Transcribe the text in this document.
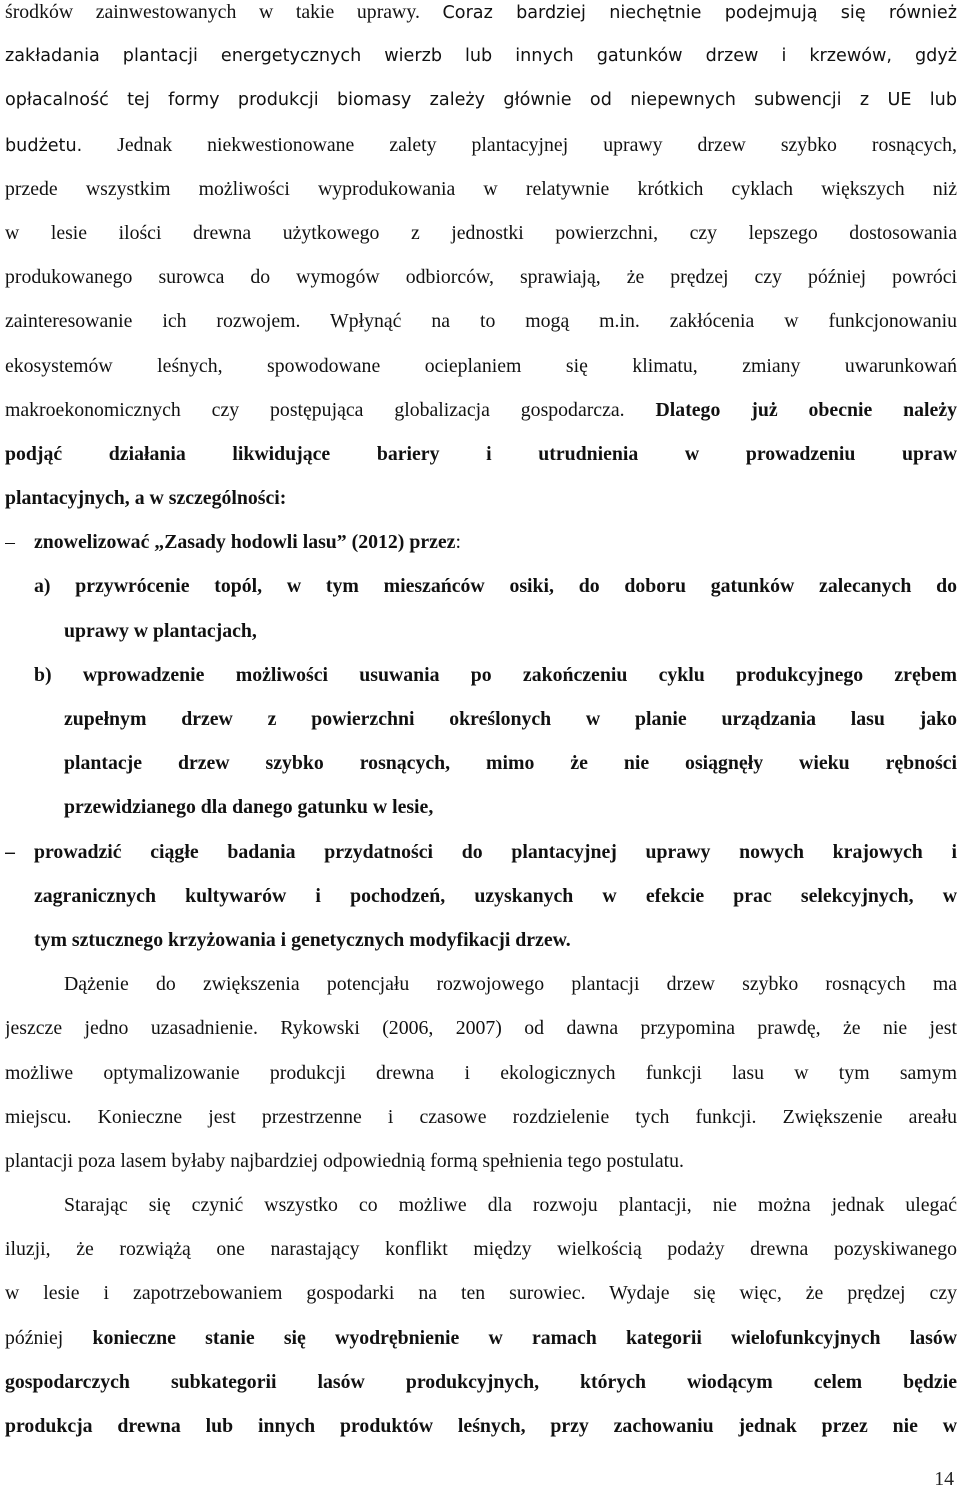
środków zainwestowanych w takie uprawy. Coraz bardziej niechętnie podejmują się również
zakładania plantacji energetycznych wierzb lub innych gatunków drzew i krzewów, gdyż
opłacalność tej formy produkcji biomasy zależy głównie od niepewnych subwencji z UE lub
budżetu. Jednak niekwestionowane zalety plantacyjnej uprawy drzew szybko rosnących,
przede wszystkim możliwości wyprodukowania w relatywnie krótkich cyklach większych niż
w lesie ilości drewna użytkowego z jednostki powierzchni, czy lepszego dostosowania
produkowanego surowca do wymogów odbiorców, sprawiają, że prędzej czy później powróci
zainteresowanie ich rozwojem. Wpłynąć na to mogą m.in. zakłócenia w funkcjonowaniu
ekosystemów leśnych, spowodowane ocieplaniem się klimatu, zmiany uwarunkowań
makroekonomicznych czy postępująca globalizacja gospodarcza. Dlatego już obecnie należy
podjąć działania likwidujące bariery i utrudnienia w prowadzeniu upraw
plantacyjnych, a w szczególności:
– znowelizować „Zasady hodowli lasu” (2012) przez:
a) przywrócenie topól, w tym mieszańców osiki, do doboru gatunków zalecanych do
uprawy w plantacjach,
b) wprowadzenie możliwości usuwania po zakończeniu cyklu produkcyjnego zrębem
zupełnym drzew z powierzchni określonych w planie urządzania lasu jako
plantacje drzew szybko rosnących, mimo że nie osiągnęły wieku rębności
przewidzianego dla danego gatunku w lesie,
– prowadzić ciągłe badania przydatności do plantacyjnej uprawy nowych krajowych i
zagranicznych kultywarów i pochodzeń, uzyskanych w efekcie prac selekcyjnych, w
tym sztucznego krzyżowania i genetycznych modyfikacji drzew.
Dążenie do zwiększenia potencjału rozwojowego plantacji drzew szybko rosnących ma
jeszcze jedno uzasadnienie. Rykowski (2006, 2007) od dawna przypomina prawdę, że nie jest
możliwe optymalizowanie produkcji drewna i ekologicznych funkcji lasu w tym samym
miejscu. Konieczne jest przestrzenne i czasowe rozdzielenie tych funkcji. Zwiększenie areału
plantacji poza lasem byłaby najbardziej odpowiednią formą spełnienia tego postulatu.
Starając się czynić wszystko co możliwe dla rozwoju plantacji, nie można jednak ulegać
iluzji, że rozwiążą one narastający konflikt między wielkością podaży drewna pozyskiwanego
w lesie i zapotrzebowaniem gospodarki na ten surowiec. Wydaje się więc, że prędzej czy
później konieczne stanie się wyodrębnienie w ramach kategorii wielofunkcyjnych lasów
gospodarczych subkategorii lasów produkcyjnych, których wiodącym celem będzie
produkcja drewna lub innych produktów leśnych, przy zachowaniu jednak przez nie w
14
